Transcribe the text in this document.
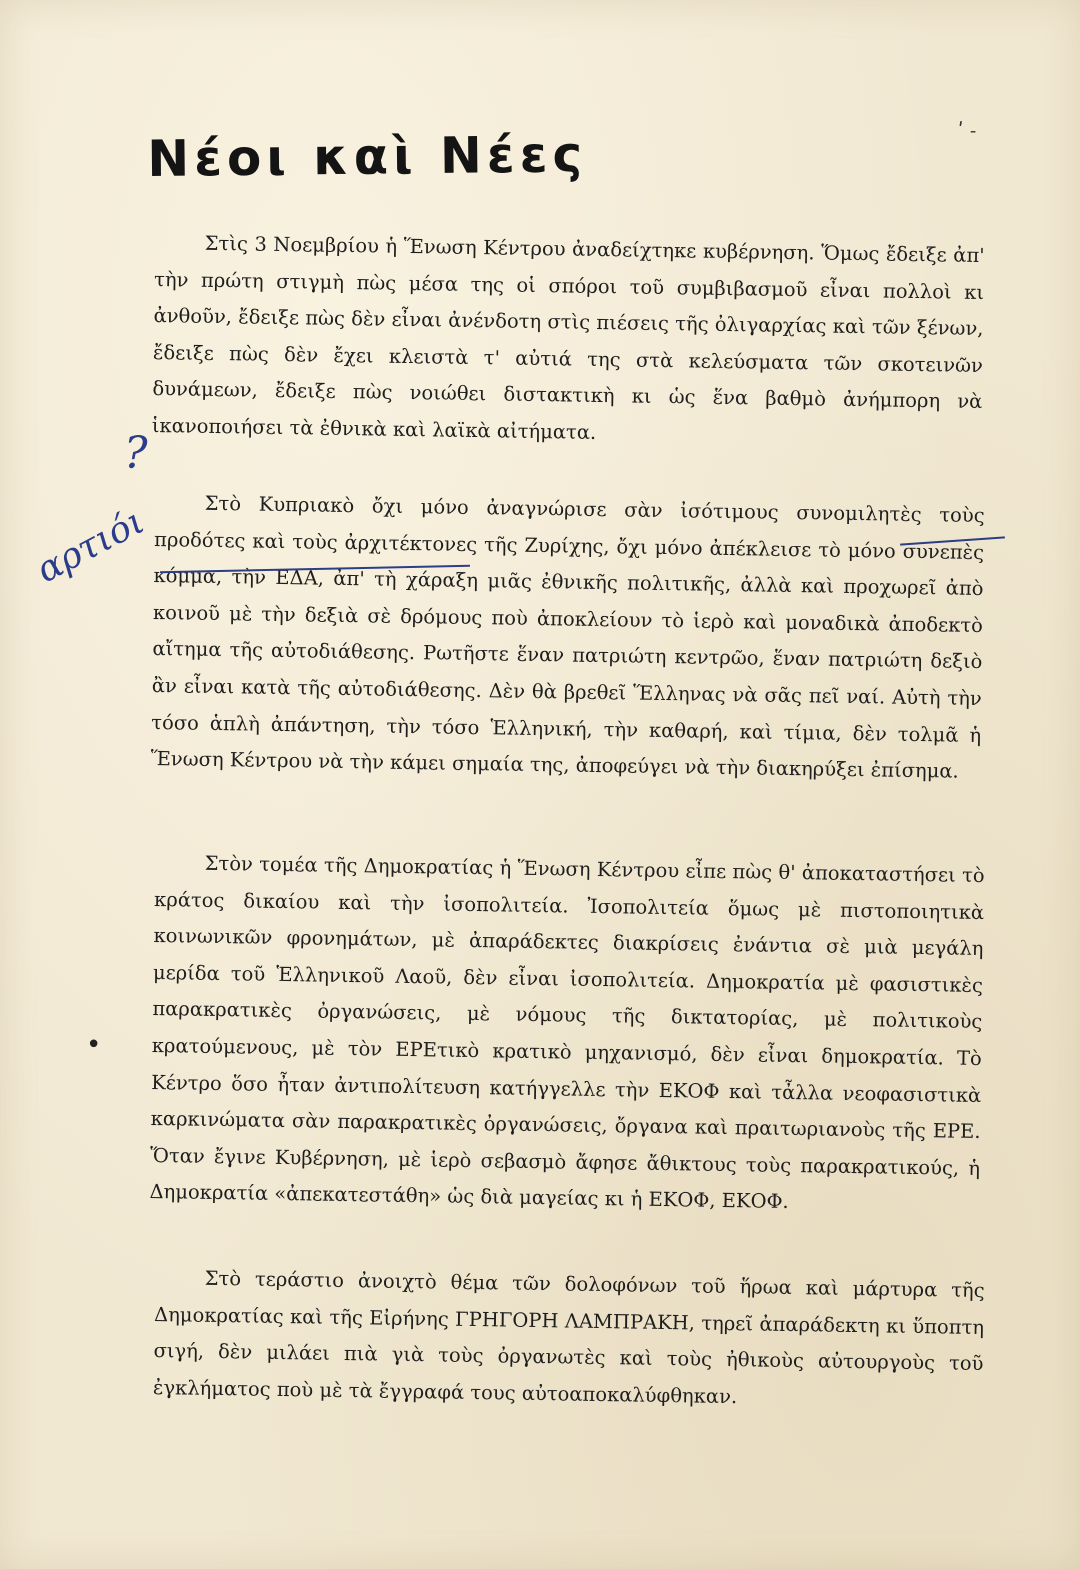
Νέοι καὶ Νέες

Στὶς 3 Νοεμβρίου ἡ Ἕνωση Κέντρου ἀναδείχτηκε κυβέρνηση. Ὅμως ἔδειξε ἀπ' τὴν πρώτη στιγμὴ πὼς μέσα της οἱ σπόροι τοῦ συμβιβασμοῦ εἶναι πολλοὶ κι ἀνθοῦν, ἔδειξε πὼς δὲν εἶναι ἀνένδοτη στὶς πιέσεις τῆς ὀλιγαρχίας καὶ τῶν ξένων, ἔδειξε πὼς δὲν ἔχει κλειστὰ τ' αὐτιά της στὰ κελεύσματα τῶν σκοτεινῶν δυνάμεων, ἔδειξε πὼς νοιώθει διστακτικὴ κι ὡς ἕνα βαθμὸ ἀνήμπορη νὰ ἱκανοποιήσει τὰ ἐθνικὰ καὶ λαϊκὰ αἰτήματα.

Στὸ Κυπριακὸ ὄχι μόνο ἀναγνώρισε σὰν ἰσότιμους συνομιλητὲς τοὺς προδότες καὶ τοὺς ἀρχιτέκτονες τῆς Ζυρίχης, ὄχι μόνο ἀπέκλεισε τὸ μόνο συνεπὲς κόμμα, τὴν ΕΔΑ, ἀπ' τὴ χάραξη μιᾶς ἐθνικῆς πολιτικῆς, ἀλλὰ καὶ προχωρεῖ ἀπὸ κοινοῦ μὲ τὴν δεξιὰ σὲ δρόμους ποὺ ἀποκλείουν τὸ ἱερὸ καὶ μοναδικὰ ἀποδεκτὸ αἴτημα τῆς αὐτοδιάθεσης. Ρωτῆστε ἕναν πατριώτη κεντρῶο, ἕναν πατριώτη δεξιὸ ἂν εἶναι κατὰ τῆς αὐτοδιάθεσης. Δὲν θὰ βρεθεῖ Ἕλληνας νὰ σᾶς πεῖ ναί. Αὐτὴ τὴν τόσο ἁπλὴ ἀπάντηση, τὴν τόσο Ἑλληνική, τὴν καθαρή, καὶ τίμια, δὲν τολμᾶ ἡ Ἕνωση Κέντρου νὰ τὴν κάμει σημαία της, ἀποφεύγει νὰ τὴν διακηρύξει ἐπίσημα.

Στὸν τομέα τῆς Δημοκρατίας ἡ Ἕνωση Κέντρου εἶπε πὼς θ' ἀποκαταστήσει τὸ κράτος δικαίου καὶ τὴν ἰσοπολιτεία. Ἰσοπολιτεία ὅμως μὲ πιστοποιητικὰ κοινωνικῶν φρονημάτων, μὲ ἀπαράδεκτες διακρίσεις ἐνάντια σὲ μιὰ μεγάλη μερίδα τοῦ Ἑλληνικοῦ Λαοῦ, δὲν εἶναι ἰσοπολιτεία. Δημοκρατία μὲ φασιστικὲς παρακρατικὲς ὀργανώσεις, μὲ νόμους τῆς δικτατορίας, μὲ πολιτικοὺς κρατούμενους, μὲ τὸν ΕΡΕτικὸ κρατικὸ μηχανισμό, δὲν εἶναι δημοκρατία. Τὸ Κέντρο ὅσο ἦταν ἀντιπολίτευση κατήγγελλε τὴν ΕΚΟΦ καὶ τἆλλα νεοφασιστικὰ καρκινώματα σὰν παρακρατικὲς ὀργανώσεις, ὄργανα καὶ πραιτωριανοὺς τῆς ΕΡΕ. Ὅταν ἔγινε Κυβέρνηση, μὲ ἱερὸ σεβασμὸ ἄφησε ἄθικτους τοὺς παρακρατικούς, ἡ Δημοκρατία «ἀπεκατεστάθη» ὡς διὰ μαγείας κι ἡ ΕΚΟΦ, ΕΚΟΦ.

Στὸ τεράστιο ἀνοιχτὸ θέμα τῶν δολοφόνων τοῦ ἥρωα καὶ μάρτυρα τῆς Δημοκρατίας καὶ τῆς Εἰρήνης ΓΡΗΓΟΡΗ ΛΑΜΠΡΑΚΗ, τηρεῖ ἀπαράδεκτη κι ὕποπτη σιγή, δὲν μιλάει πιὰ γιὰ τοὺς ὀργανωτὲς καὶ τοὺς ἠθικοὺς αὐτουργοὺς τοῦ ἐγκλήματος ποὺ μὲ τὰ ἔγγραφά τους αὐτοαποκαλύφθηκαν.

αρτιόι

?
•
ʹ ˗
